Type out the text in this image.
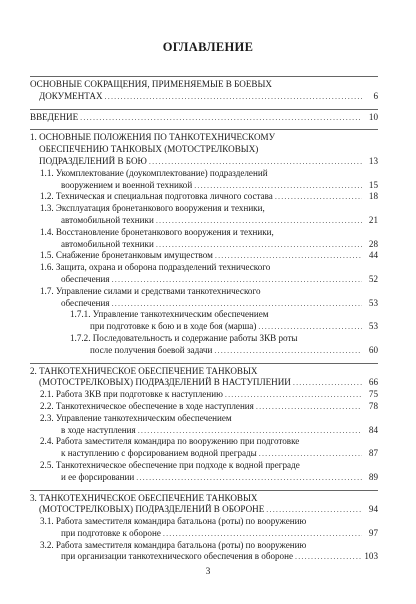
ОГЛАВЛЕНИЕ
ОСНОВНЫЕ СОКРАЩЕНИЯ, ПРИМЕНЯЕМЫЕ В БОЕВЫХ
ДОКУМЕНТАХ .....	6
ВВЕДЕНИЕ .....	10
1. ОСНОВНЫЕ ПОЛОЖЕНИЯ ПО ТАНКОТЕХНИЧЕСКОМУ
ОБЕСПЕЧЕНИЮ ТАНКОВЫХ (МОТОСТРЕЛКОВЫХ)
ПОДРАЗДЕЛЕНИЙ В БОЮ .....	13
1.1. Укомплектование (доукомплектование) подразделений
вооружением и военной техникой .....	15
1.2. Техническая и специальная подготовка личного состава .....	18
1.3. Эксплуатация бронетанкового вооружения и техники,
автомобильной техники .....	21
1.4. Восстановление бронетанкового вооружения и техники,
автомобильной техники .....	28
1.5. Снабжение бронетанковым имуществом .....	44
1.6. Защита, охрана и оборона подразделений технического
обеспечения .....	52
1.7. Управление силами и средствами танкотехнического
обеспечения .....	53
1.7.1. Управление танкотехническим обеспечением
при подготовке к бою и в ходе боя (марша) .....	53
1.7.2. Последовательность и содержание работы ЗКВ роты
после получения боевой задачи .....	60
2. ТАНКОТЕХНИЧЕСКОЕ ОБЕСПЕЧЕНИЕ ТАНКОВЫХ
(МОТОСТРЕЛКОВЫХ) ПОДРАЗДЕЛЕНИЙ В НАСТУПЛЕНИИ .....	66
2.1. Работа ЗКВ при подготовке к наступлению .....	75
2.2. Танкотехническое обеспечение в ходе наступления .....	78
2.3. Управление танкотехническим обеспечением
в ходе наступления .....	84
2.4. Работа заместителя командира по вооружению при подготовке
к наступлению с форсированием водной преграды .....	87
2.5. Танкотехническое обеспечение при подходе к водной преграде
и ее форсировании .....	89
3. ТАНКОТЕХНИЧЕСКОЕ ОБЕСПЕЧЕНИЕ ТАНКОВЫХ
(МОТОСТРЕЛКОВЫХ) ПОДРАЗДЕЛЕНИЙ В ОБОРОНЕ .....	94
3.1. Работа заместителя командира батальона (роты) по вооружению
при подготовке к обороне .....	97
3.2. Работа заместителя командира батальона (роты) по вооружению
при организации танкотехнического обеспечения в обороне .....	103
3
